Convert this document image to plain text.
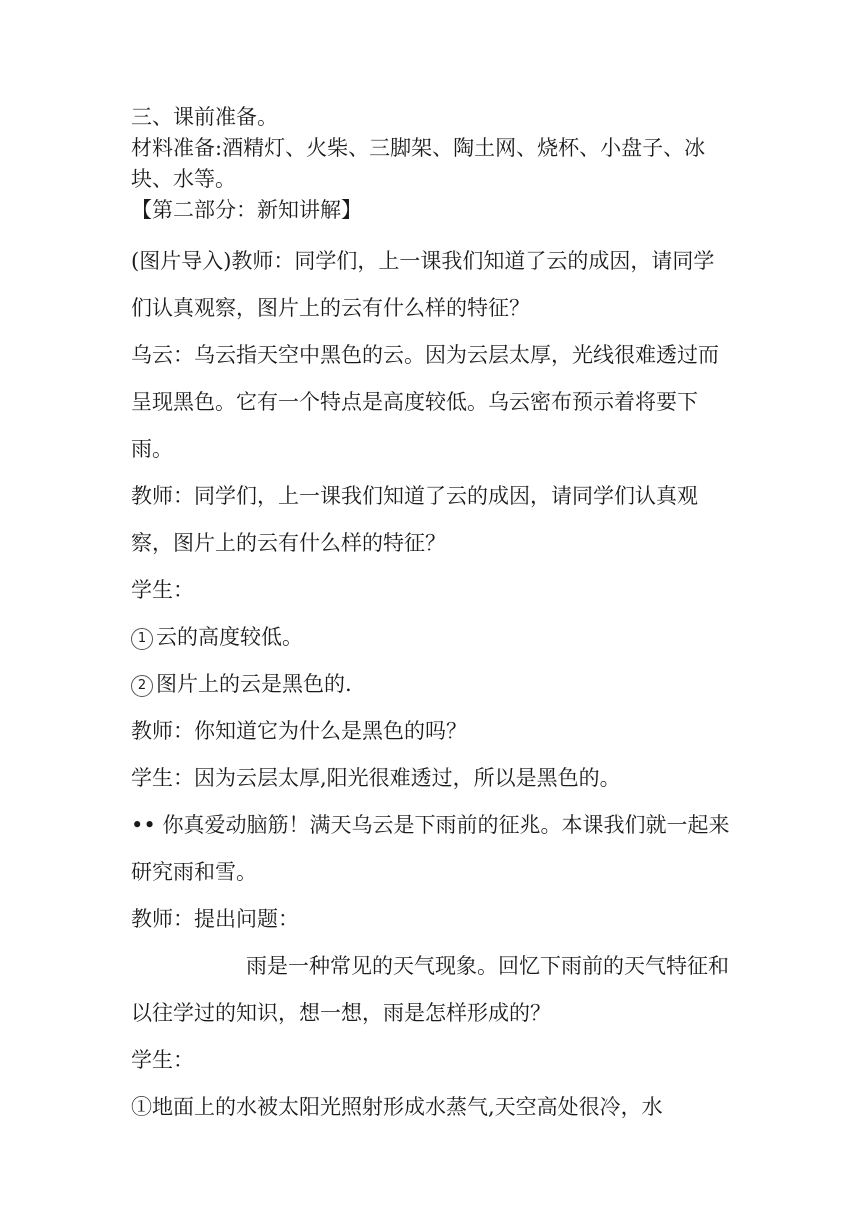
三、课前准备。

材料准备:酒精灯、火柴、三脚架、陶土网、烧杯、小盘子、冰块、水等。

【第二部分：新知讲解】

(图片导入)教师：同学们，上一课我们知道了云的成因，请同学们认真观察，图片上的云有什么样的特征？

乌云：乌云指天空中黑色的云。因为云层太厚，光线很难透过而呈现黑色。它有一个特点是高度较低。乌云密布预示着将要下雨。

教师：同学们，上一课我们知道了云的成因，请同学们认真观察，图片上的云有什么样的特征？

学生：

1 云的高度较低。

2 图片上的云是黑色的.

教师：你知道它为什么是黑色的吗？

学生：因为云层太厚,阳光很难透过，所以是黑色的。

•• 你真爱动脑筋！满天乌云是下雨前的征兆。本课我们就一起来研究雨和雪。

教师：提出问题：

雨是一种常见的天气现象。回忆下雨前的天气特征和以往学过的知识，想一想，雨是怎样形成的？

学生：

①地面上的水被太阳光照射形成水蒸气,天空高处很冷，水
